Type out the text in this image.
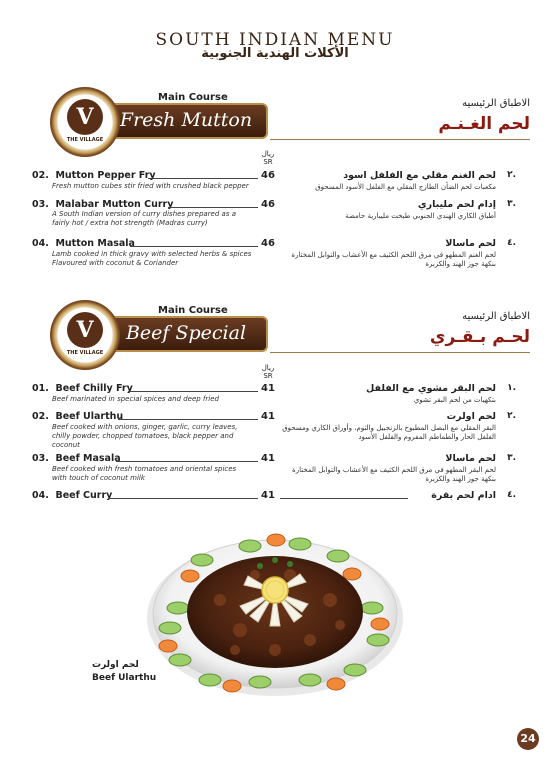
SOUTH INDIAN MENU
الأكلات الهندية الجنوبية
Main Course
Fresh Mutton
V
THE VILLAGE
الاطباق الرئيسيه
لحم الغـنـم
ريال
SR
02. Mutton Pepper Fry	46
Fresh mutton cubes stir fried with crushed black pepper
لحم الغنم مقلي مع الفلفل اسود	٢.
مكعبات لحم الضأن الطازج المقلي مع الفلفل الأسود المسحوق
03. Malabar Mutton Curry	46
A South Indian version of curry dishes prepared as a fairly hot / extra hot strength (Madras curry)
إدام لحم مليباري	٣.
أطباق الكاري الهندي الجنوبي طبخت مليبارية حامضة
04. Mutton Masala	46
Lamb cooked in thick gravy with selected herbs & spices Flavoured with coconut & Coriander
لحم ماسالا	٤.
لحم الغنم المطهو في مرق اللحم الكثيف مع الأعشاب والتوابل المختارة بنكهة جوز الهند والكزبرة
Main Course
Beef Special
V
THE VILLAGE
الاطباق الرئيسيه
لحـم بـقـري
ريال
SR
01. Beef Chilly Fry	41
Beef marinated in special spices and deep fried
لحم البقر مشوي مع الفلفل	١.
بتكهيات من لحم البقر تشوي
02. Beef Ularthu	41
Beef cooked with onions, ginger, garlic, curry leaves, chilly powder, chopped tomatoes, black pepper and coconut
لحم اولرت	٢.
البقر المقلي مع البصل المطبوخ بالزنجبيل والثوم، وأوراق الكاري ومسحوق الفلفل الحار والطماطم المفروم والفلفل الأسود
03. Beef Masala	41
Beef cooked with fresh tomatoes and oriental spices with touch of coconut milk
لحم ماسالا	٣.
لحم البقر المطهو في مرق اللحم الكثيف مع الأعشاب والتوابل المختارة بنكهة جوز الهند والكزبرة
04. Beef Curry	41	ادام لحم بقرة	٤.
لحم اولرت
Beef Ularthu
24
